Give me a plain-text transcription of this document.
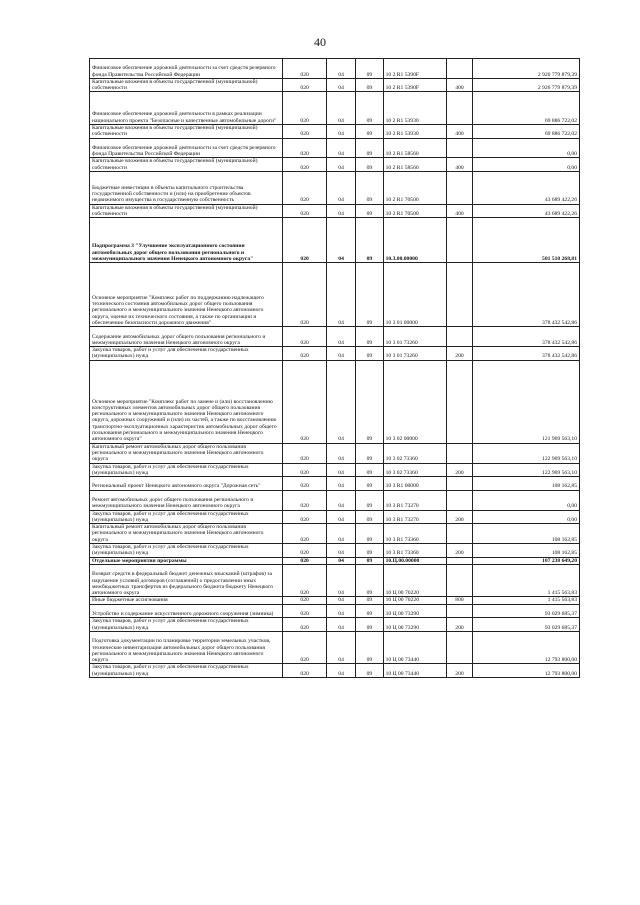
40
Финансовое обеспечение дорожной деятельности за счет средств резервного фонда Правительства Российской Федерации	020	04	09	10 2 R1 5390F		2 926 779 879,39
Капитальные вложения в объекты государственной (муниципальной) собственности	020	04	09	10 2 R1 5390F	400	2 926 779 879,39
Финансовое обеспечение дорожной деятельности в рамках реализации национального проекта "Безопасные и качественные автомобильные дороги"	020	04	09	10 2 R1 53930		69 886 722,02
Капитальные вложения в объекты государственной (муниципальной) собственности	020	04	09	10 2 R1 53930	400	69 886 722,02
Финансовое обеспечение дорожной деятельности за счет средств резервного фонда Правительства Российской Федерации	020	04	09	10 2 R1 58560		0,00
Капитальные вложения в объекты государственной (муниципальной) собственности	020	04	09	10 2 R1 58560	400	0,00
Бюджетные инвестиции в объекты капитального строительства государственной собственности и (или) на приобретение объектов недвижимого имущества в государственную собственность	020	04	09	10 2 R1 70500		43 689 422,26
Капитальные вложения в объекты государственной (муниципальной) собственности	020	04	09	10 2 R1 70500	400	43 689 422,26
Подпрограмма 3 "Улучшение эксплуатационного состояния автомобильных дорог общего пользования регионального и межмуниципального значения Ненецкого автономного округа"	020	04	09	10.3.00.00000		501 510 268,81
Основное мероприятие "Комплекс работ по поддержанию надлежащего технического состояния автомобильных дорог общего пользования регионального и межмуниципального значения Ненецкого автономного округа, оценке их технического состояния, а также по организации и обеспечению безопасности дорожного движения"	020	04	09	10 3 01 00000		378 432 542,86
Содержание автомобильных дорог общего пользования регионального и межмуниципального значения Ненецкого автономного округа	020	04	09	10 3 01 73260		378 432 542,86
Закупка товаров, работ и услуг для обеспечения государственных (муниципальных) нужд	020	04	09	10 3 01 73260	200	378 432 542,86
Основное мероприятие "Комплекс работ по замене и (или) восстановлению конструктивных элементов автомобильных дорог общего пользования регионального и межмуниципального значения Ненецкого автономного округа, дорожных сооружений и (или) их частей, а также по восстановлению транспортно-эксплуатационных характеристик автомобильных дорог общего пользования регионального и межмуниципального значения Ненецкого автономного округа"	020	04	09	10 3 02 00000		121 969 563,10
Капитальный ремонт автомобильных дорог общего пользования регионального и межмуниципального значения Ненецкого автономного округа	020	04	09	10 3 02 73360		122 969 563,10
Закупка товаров, работ и услуг для обеспечения государственных (муниципальных) нужд	020	04	09	10 3 02 73360	200	122 969 563,10
Региональный проект Ненецкого автономного округа "Дорожная сеть"	020	04	09	10 3 R1 00000		108 162,85
Ремонт автомобильных дорог общего пользования регионального и межмуниципального значения Ненецкого автономного округа	020	04	09	10 3 R1 73270		0,00
Закупка товаров, работ и услуг для обеспечения государственных (муниципальных) нужд	020	04	09	10 3 R1 73270	200	0,00
Капитальный ремонт автомобильных дорог общего пользования регионального и межмуниципального значения Ненецкого автономного округа	020	04	09	10 3 R1 73360		108 162,85
Закупка товаров, работ и услуг для обеспечения государственных (муниципальных) нужд	020	04	09	10 3 R1 73360	200	108 162,85
Отдельные мероприятия программы	020	04	09	10.Ц.00.00000		107 238 649,20
Возврат средств в федеральный бюджет денежных взысканий (штрафов) за нарушение условий договоров (соглашений) о предоставлении иных межбюджетных трансфертов из федерального бюджета бюджету Ненецкого автономного округа	020	04	09	10 Ц 00 70220		1 415 563,83
Иные бюджетные ассигнования	020	04	09	10 Ц 00 70220	800	1 415 563,83
Устройство и содержание искусственного дорожного сооружения (зимника)	020	04	09	10 Ц 00 73290		93 029 685,37
Закупка товаров, работ и услуг для обеспечения государственных (муниципальных) нужд	020	04	09	10 Ц 00 73290	200	93 029 685,37
Подготовка документации по планировке территории земельных участков, технические инвентаризации автомобильных дорог общего пользования регионального и межмуниципального значения Ненецкого автономного округа	020	04	09	10 Ц 00 73440		12 793 800,00
Закупка товаров, работ и услуг для обеспечения государственных (муниципальных) нужд	020	04	09	10 Ц 00 73440	200	12 793 800,00
